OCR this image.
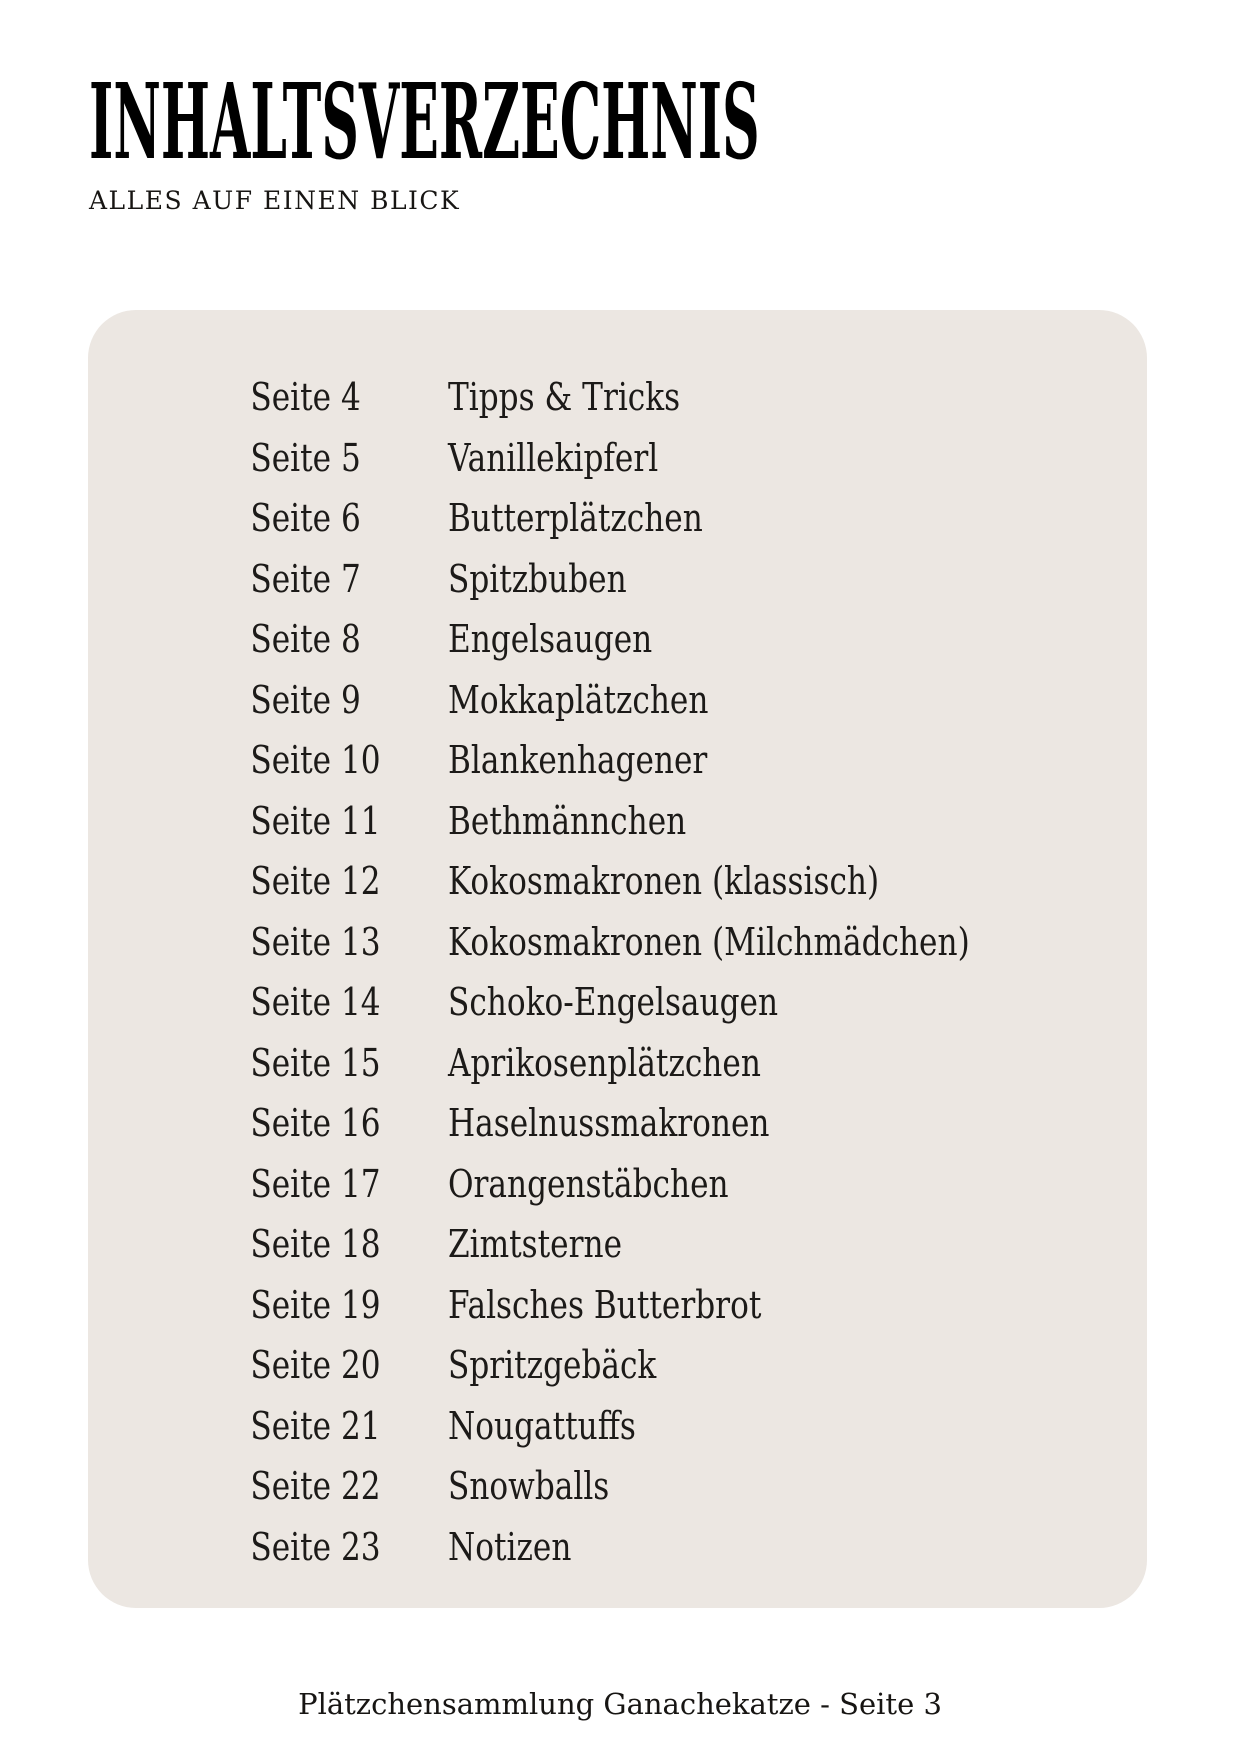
INHALTSVERZECHNIS
ALLES AUF EINEN BLICK
Seite 4	Tipps & Tricks
Seite 5	Vanillekipferl
Seite 6	Butterplätzchen
Seite 7	Spitzbuben
Seite 8	Engelsaugen
Seite 9	Mokkaplätzchen
Seite 10	Blankenhagener
Seite 11	Bethmännchen
Seite 12	Kokosmakronen (klassisch)
Seite 13	Kokosmakronen (Milchmädchen)
Seite 14	Schoko-Engelsaugen
Seite 15	Aprikosenplätzchen
Seite 16	Haselnussmakronen
Seite 17	Orangenstäbchen
Seite 18	Zimtsterne
Seite 19	Falsches Butterbrot
Seite 20	Spritzgebäck
Seite 21	Nougattuffs
Seite 22	Snowballs
Seite 23	Notizen
Plätzchensammlung Ganachekatze - Seite 3
